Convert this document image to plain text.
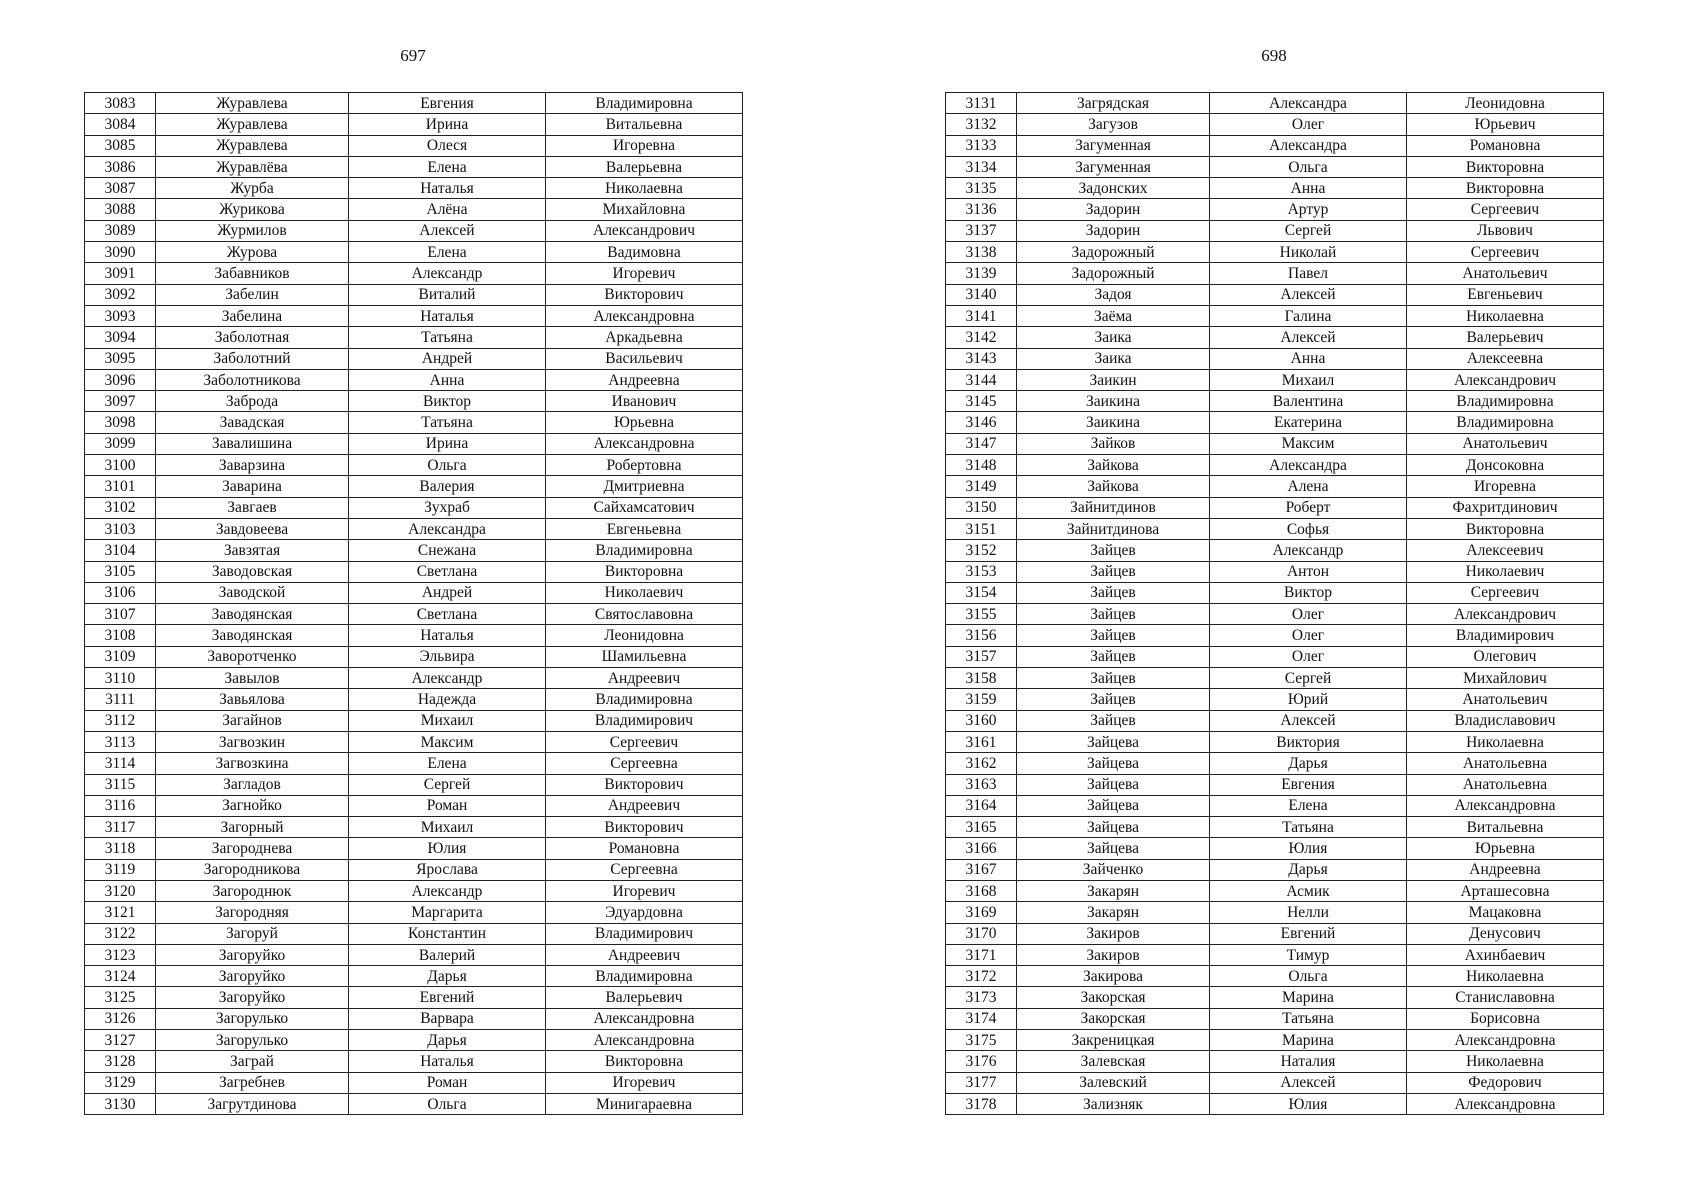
697
3083	Журавлева	Евгения	Владимировна
3084	Журавлева	Ирина	Витальевна
3085	Журавлева	Олеся	Игоревна
3086	Журавлёва	Елена	Валерьевна
3087	Журба	Наталья	Николаевна
3088	Журикова	Алёна	Михайловна
3089	Журмилов	Алексей	Александрович
3090	Журова	Елена	Вадимовна
3091	Забавников	Александр	Игоревич
3092	Забелин	Виталий	Викторович
3093	Забелина	Наталья	Александровна
3094	Заболотная	Татьяна	Аркадьевна
3095	Заболотний	Андрей	Васильевич
3096	Заболотникова	Анна	Андреевна
3097	Заброда	Виктор	Иванович
3098	Завадская	Татьяна	Юрьевна
3099	Завалишина	Ирина	Александровна
3100	Заварзина	Ольга	Робертовна
3101	Заварина	Валерия	Дмитриевна
3102	Завгаев	Зухраб	Сайхамсатович
3103	Завдовеева	Александра	Евгеньевна
3104	Завзятая	Снежана	Владимировна
3105	Заводовская	Светлана	Викторовна
3106	Заводской	Андрей	Николаевич
3107	Заводянская	Светлана	Святославовна
3108	Заводянская	Наталья	Леонидовна
3109	Заворотченко	Эльвира	Шамильевна
3110	Завылов	Александр	Андреевич
3111	Завьялова	Надежда	Владимировна
3112	Загайнов	Михаил	Владимирович
3113	Загвозкин	Максим	Сергеевич
3114	Загвозкина	Елена	Сергеевна
3115	Загладов	Сергей	Викторович
3116	Загнойко	Роман	Андреевич
3117	Загорный	Михаил	Викторович
3118	Загороднева	Юлия	Романовна
3119	Загородникова	Ярослава	Сергеевна
3120	Загороднюк	Александр	Игоревич
3121	Загородняя	Маргарита	Эдуардовна
3122	Загоруй	Константин	Владимирович
3123	Загоруйко	Валерий	Андреевич
3124	Загоруйко	Дарья	Владимировна
3125	Загоруйко	Евгений	Валерьевич
3126	Загорулько	Варвара	Александровна
3127	Загорулько	Дарья	Александровна
3128	Заграй	Наталья	Викторовна
3129	Загребнев	Роман	Игоревич
3130	Загрутдинова	Ольга	Минигараевна
698
3131	Загрядская	Александра	Леонидовна
3132	Загузов	Олег	Юрьевич
3133	Загуменная	Александра	Романовна
3134	Загуменная	Ольга	Викторовна
3135	Задонских	Анна	Викторовна
3136	Задорин	Артур	Сергеевич
3137	Задорин	Сергей	Львович
3138	Задорожный	Николай	Сергеевич
3139	Задорожный	Павел	Анатольевич
3140	Задоя	Алексей	Евгеньевич
3141	Заёма	Галина	Николаевна
3142	Заика	Алексей	Валерьевич
3143	Заика	Анна	Алексеевна
3144	Заикин	Михаил	Александрович
3145	Заикина	Валентина	Владимировна
3146	Заикина	Екатерина	Владимировна
3147	Зайков	Максим	Анатольевич
3148	Зайкова	Александра	Донсоковна
3149	Зайкова	Алена	Игоревна
3150	Зайнитдинов	Роберт	Фахритдинович
3151	Зайнитдинова	Софья	Викторовна
3152	Зайцев	Александр	Алексеевич
3153	Зайцев	Антон	Николаевич
3154	Зайцев	Виктор	Сергеевич
3155	Зайцев	Олег	Александрович
3156	Зайцев	Олег	Владимирович
3157	Зайцев	Олег	Олегович
3158	Зайцев	Сергей	Михайлович
3159	Зайцев	Юрий	Анатольевич
3160	Зайцев	Алексей	Владиславович
3161	Зайцева	Виктория	Николаевна
3162	Зайцева	Дарья	Анатольевна
3163	Зайцева	Евгения	Анатольевна
3164	Зайцева	Елена	Александровна
3165	Зайцева	Татьяна	Витальевна
3166	Зайцева	Юлия	Юрьевна
3167	Зайченко	Дарья	Андреевна
3168	Закарян	Асмик	Арташесовна
3169	Закарян	Нелли	Мацаковна
3170	Закиров	Евгений	Денусович
3171	Закиров	Тимур	Ахинбаевич
3172	Закирова	Ольга	Николаевна
3173	Закорская	Марина	Станиславовна
3174	Закорская	Татьяна	Борисовна
3175	Закреницкая	Марина	Александровна
3176	Залевская	Наталия	Николаевна
3177	Залевский	Алексей	Федорович
3178	Зализняк	Юлия	Александровна
